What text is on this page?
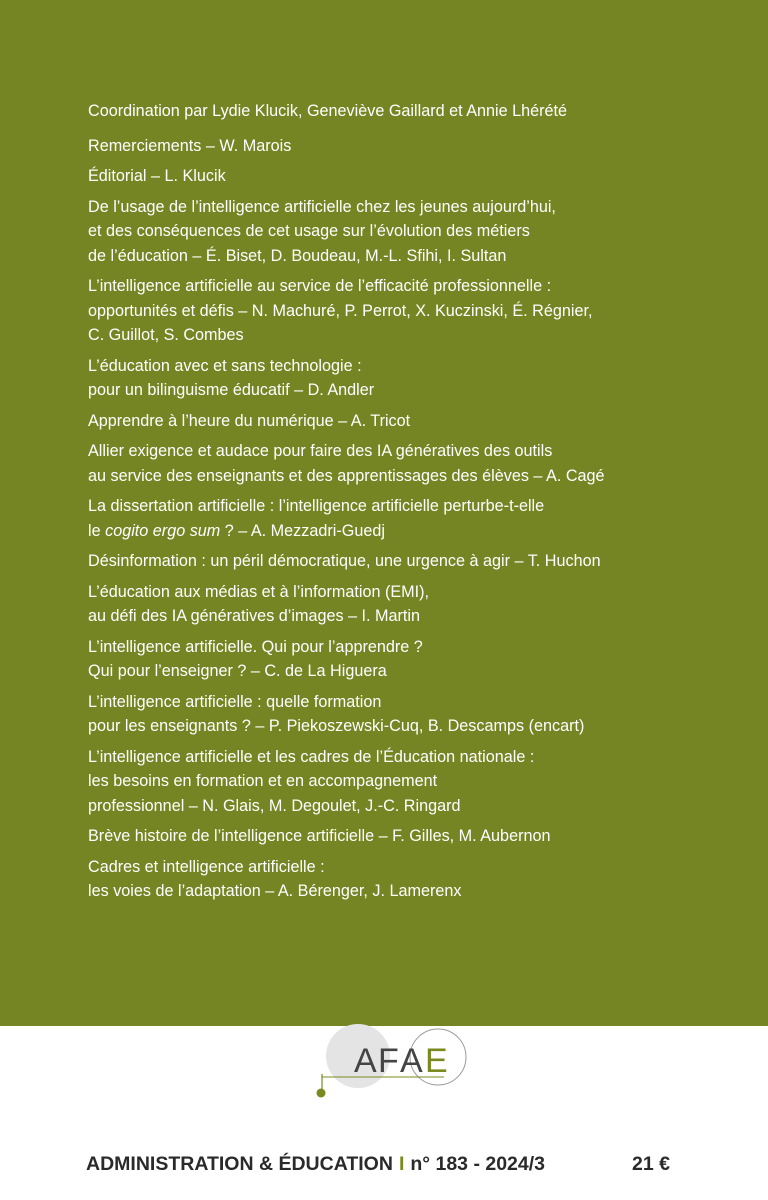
Coordination par Lydie Klucik, Geneviève Gaillard et Annie Lhérété
Remerciements – W. Marois
Éditorial – L. Klucik
De l’usage de l’intelligence artificielle chez les jeunes aujourd’hui,
et des conséquences de cet usage sur l’évolution des métiers
de l’éducation – É. Biset, D. Boudeau, M.-L. Sfihi, I. Sultan
L’intelligence artificielle au service de l’efficacité professionnelle :
opportunités et défis – N. Machuré, P. Perrot, X. Kuczinski, É. Régnier,
C. Guillot, S. Combes
L’éducation avec et sans technologie :
pour un bilinguisme éducatif – D. Andler
Apprendre à l’heure du numérique – A. Tricot
Allier exigence et audace pour faire des IA génératives des outils
au service des enseignants et des apprentissages des élèves – A. Cagé
La dissertation artificielle : l’intelligence artificielle perturbe-t-elle
le cogito ergo sum ? – A. Mezzadri-Guedj
Désinformation : un péril démocratique, une urgence à agir – T. Huchon
L’éducation aux médias et à l’information (EMI),
au défi des IA génératives d’images – I. Martin
L’intelligence artificielle. Qui pour l’apprendre ?
Qui pour l’enseigner ? – C. de La Higuera
L’intelligence artificielle : quelle formation
pour les enseignants ? – P. Piekoszewski-Cuq, B. Descamps (encart)
L’intelligence artificielle et les cadres de l’Éducation nationale :
les besoins en formation et en accompagnement
professionnel – N. Glais, M. Degoulet, J.-C. Ringard
Brève histoire de l’intelligence artificielle – F. Gilles, M. Aubernon
Cadres et intelligence artificielle :
les voies de l’adaptation – A. Bérenger, J. Lamerenx
A F A E
ADMINISTRATION & ÉDUCATION I n° 183 - 2024/3	21 €
